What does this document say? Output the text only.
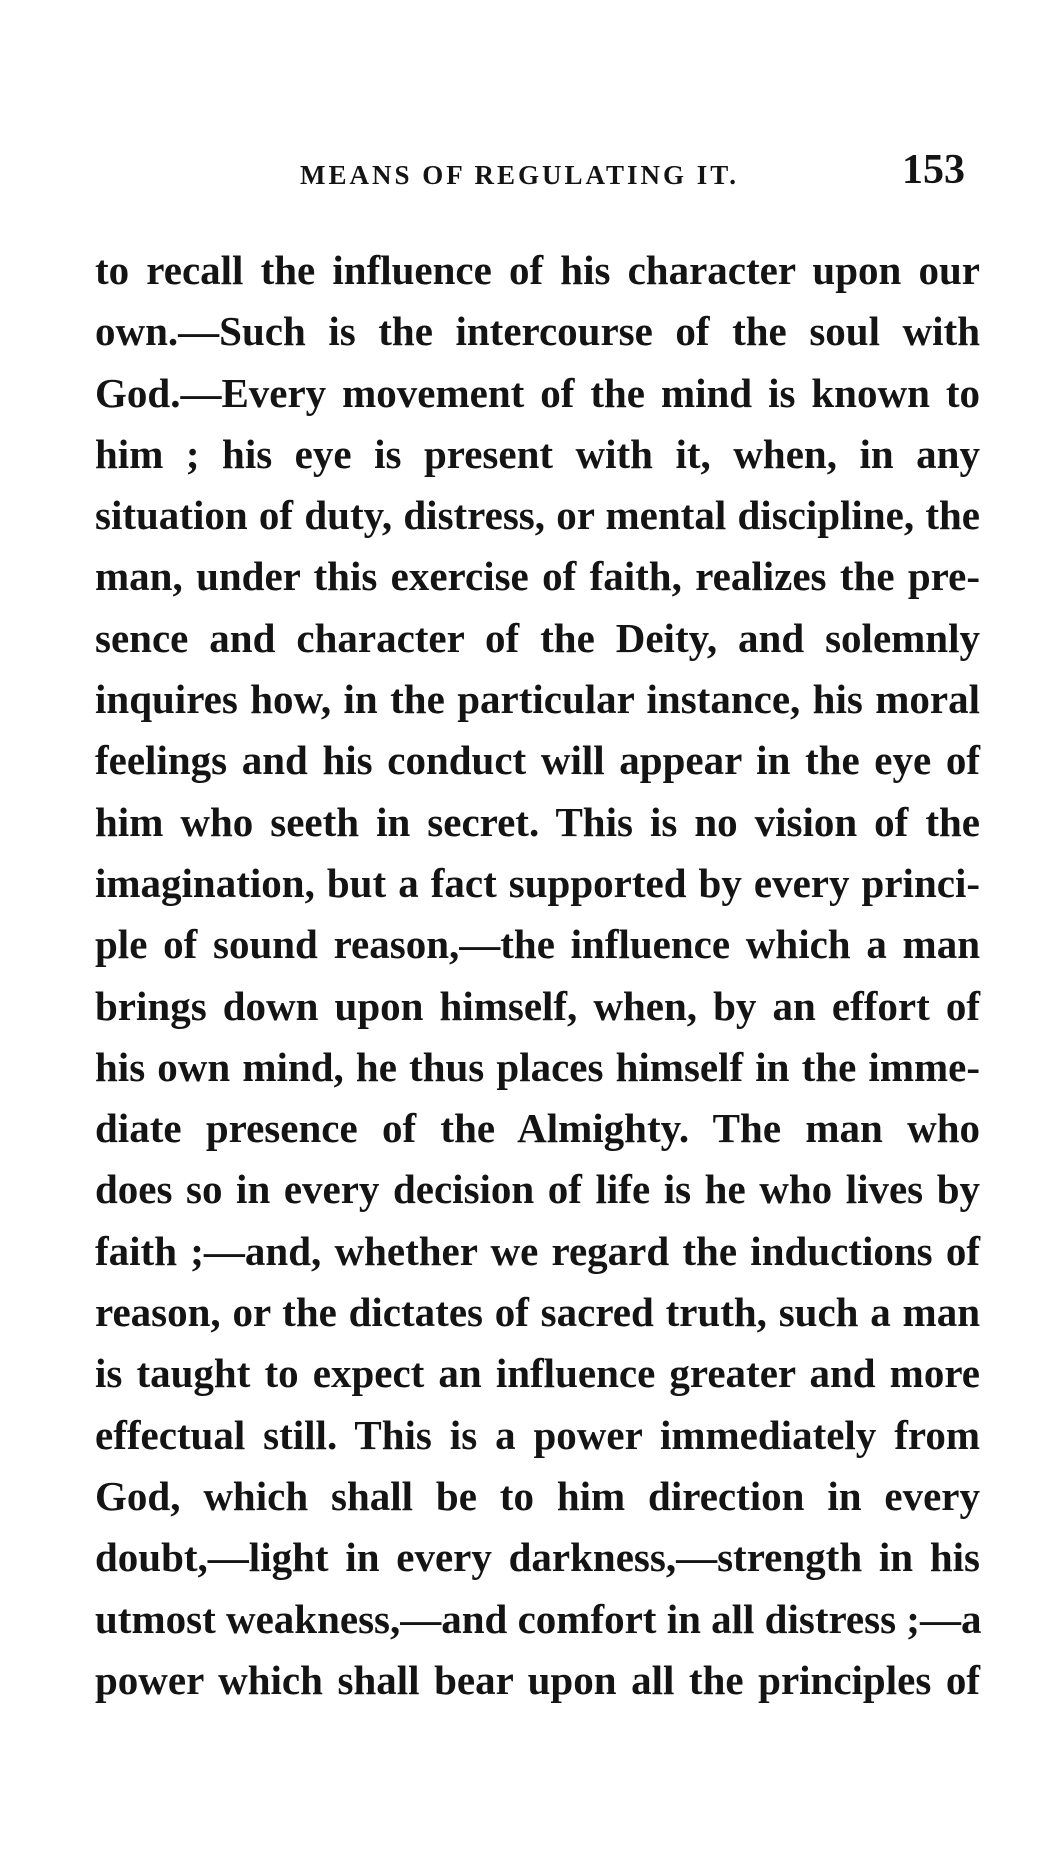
MEANS OF REGULATING IT.	153
to recall the influence of his character upon our
own.—Such is the intercourse of the soul with
God.—Every movement of the mind is known to
him ; his eye is present with it, when, in any
situation of duty, distress, or mental discipline, the
man, under this exercise of faith, realizes the pre-
sence and character of the Deity, and solemnly
inquires how, in the particular instance, his moral
feelings and his conduct will appear in the eye of
him who seeth in secret. This is no vision of the
imagination, but a fact supported by every princi-
ple of sound reason,—the influence which a man
brings down upon himself, when, by an effort of
his own mind, he thus places himself in the imme-
diate presence of the Almighty. The man who
does so in every decision of life is he who lives by
faith ;—and, whether we regard the inductions of
reason, or the dictates of sacred truth, such a man
is taught to expect an influence greater and more
effectual still. This is a power immediately from
God, which shall be to him direction in every
doubt,—light in every darkness,—strength in his
utmost weakness,—and comfort in all distress ;—a
power which shall bear upon all the principles of
